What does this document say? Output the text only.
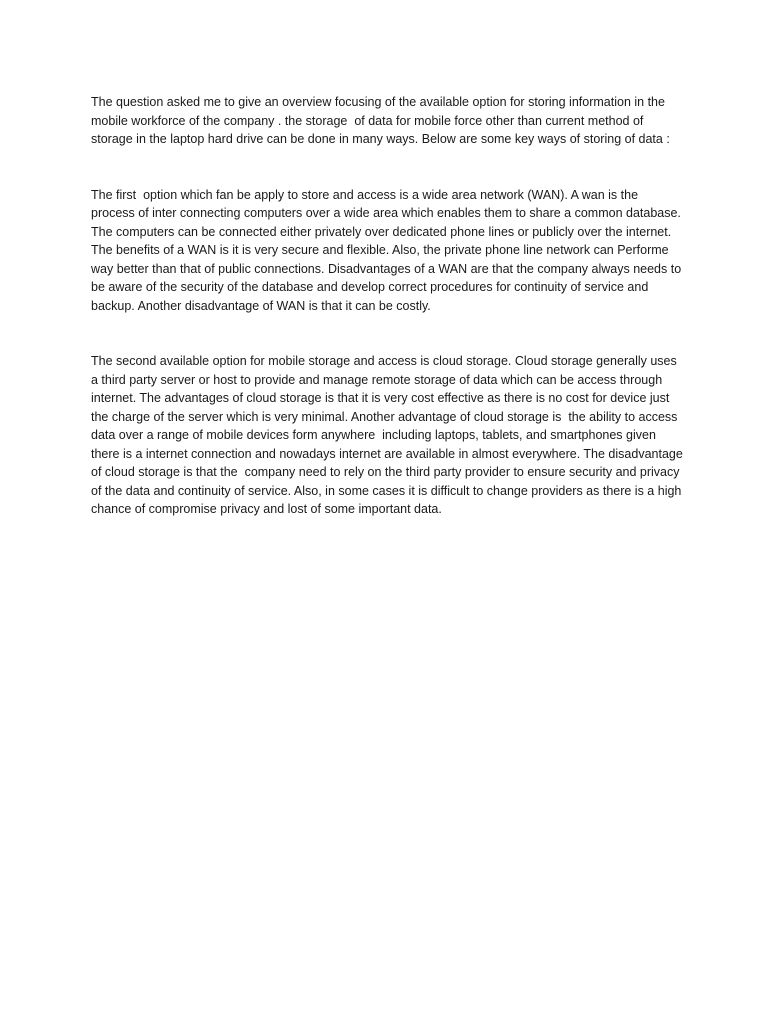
The question asked me to give an overview focusing of the available option for storing information in the mobile workforce of the company . the storage  of data for mobile force other than current method of storage in the laptop hard drive can be done in many ways. Below are some key ways of storing of data :

The first  option which fan be apply to store and access is a wide area network (WAN). A wan is the process of inter connecting computers over a wide area which enables them to share a common database. The computers can be connected either privately over dedicated phone lines or publicly over the internet. The benefits of a WAN is it is very secure and flexible. Also, the private phone line network can Performe way better than that of public connections. Disadvantages of a WAN are that the company always needs to be aware of the security of the database and develop correct procedures for continuity of service and backup. Another disadvantage of WAN is that it can be costly.

The second available option for mobile storage and access is cloud storage. Cloud storage generally uses a third party server or host to provide and manage remote storage of data which can be access through internet. The advantages of cloud storage is that it is very cost effective as there is no cost for device just the charge of the server which is very minimal. Another advantage of cloud storage is  the ability to access data over a range of mobile devices form anywhere  including laptops, tablets, and smartphones given there is a internet connection and nowadays internet are available in almost everywhere. The disadvantage of cloud storage is that the  company need to rely on the third party provider to ensure security and privacy of the data and continuity of service. Also, in some cases it is difficult to change providers as there is a high chance of compromise privacy and lost of some important data.
